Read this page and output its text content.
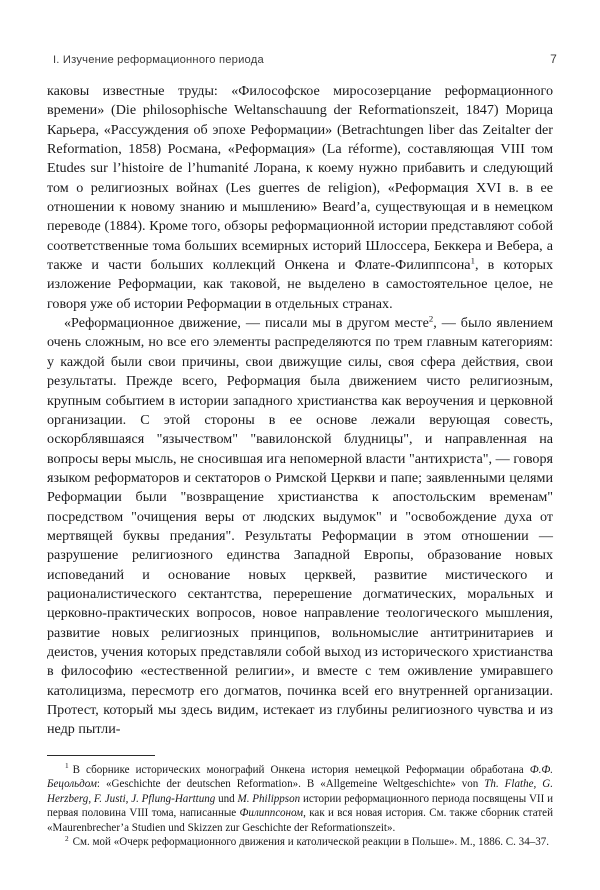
I. Изучение реформационного периода	7

каковы известные труды: «Философское миросозерцание реформационного времени» (Die philosophische Weltanschauung der Reformationszeit, 1847) Морица Карьера, «Рассуждения об эпохе Реформации» (Betrachtungen liber das Zeitalter der Reformation, 1858) Росмана, «Реформация» (La réforme), составляющая VIII том Etudes sur l’histoire de l’humanité Лорана, к коему нужно прибавить и следующий том о религиозных войнах (Les guerres de religion), «Реформация XVI в. в ее отношении к новому знанию и мышлению» Beard’a, существующая и в немецком переводе (1884). Кроме того, обзоры реформационной истории представляют собой соответственные тома больших всемирных историй Шлоссера, Беккера и Вебера, а также и части больших коллекций Онкена и Флате-Филиппсона$^1$, в которых изложение Реформации, как таковой, не выделено в самостоятельное целое, не говоря уже об истории Реформации в отдельных странах.

«Реформационное движение, — писали мы в другом месте$^2$, — было явлением очень сложным, но все его элементы распределяются по трем главным категориям: у каждой были свои причины, свои движущие силы, своя сфера действия, свои результаты. Прежде всего, Реформация была движением чисто религиозным, крупным событием в истории западного христианства как вероучения и церковной организации. С этой стороны в ее основе лежали верующая совесть, оскорблявшаяся "язычеством" "вавилонской блудницы", и направленная на вопросы веры мысль, не сносившая ига непомерной власти "антихриста", — говоря языком реформаторов и сектаторов о Римской Церкви и папе; заявленными целями Реформации были "возвращение христианства к апостольским временам" посредством "очищения веры от людских выдумок" и "освобождение духа от мертвящей буквы предания". Результаты Реформации в этом отношении — разрушение религиозного единства Западной Европы, образование новых исповеданий и основание новых церквей, развитие мистического и рационалистического сектантства, перерешение догматических, моральных и церковно-практических вопросов, новое направление теологического мышления, развитие новых религиозных принципов, вольномыслие антитринитариев и деистов, учения которых представляли собой выход из исторического христианства в философию «естественной религии», и вместе с тем оживление умиравшего католицизма, пересмотр его догматов, починка всей его внутренней организации. Протест, который мы здесь видим, истекает из глубины религиозного чувства и из недр пытли-

$^1$ В сборнике исторических монографий Онкена история немецкой Реформации обработана Ф.Ф. Бецольдом: «Geschichte der deutschen Reformation». В «Allgemeine Weltgeschichte» von Th. Flathe, G. Herzberg, F. Justi, J. Pflung-Harttung und M. Philippson истории реформационного периода посвящены VII и первая половина VIII тома, написанные Филиппсоном, как и вся новая история. См. также сборник статей «Maurenbrecher’a Studien und Skizzen zur Geschichte der Reformationszeit».

$^2$ См. мой «Очерк реформационного движения и католической реакции в Польше». М., 1886. С. 34–37.
